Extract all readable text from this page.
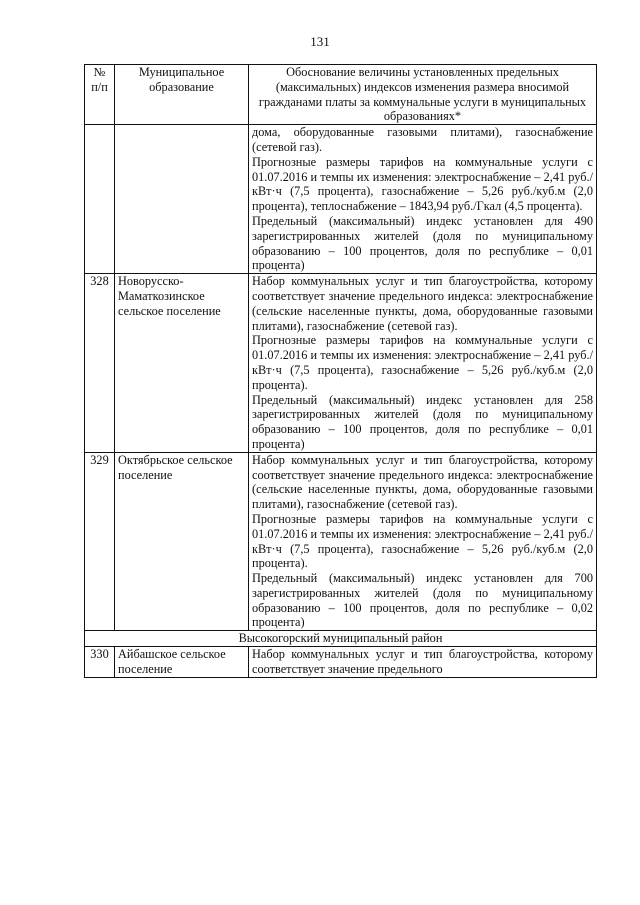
131
№ п/п	Муниципальное образование	Обоснование величины установленных предельных (максимальных) индексов изменения размера вносимой гражданами платы за коммунальные услуги в муниципальных образованиях*

		дома, оборудованные газовыми плитами), газоснабжение (сетевой газ).

Прогнозные размеры тарифов на коммунальные услуги с 01.07.2016 и темпы их изменения: электроснабжение – 2,41 руб./кВт·ч (7,5 процента), газоснабжение – 5,26 руб./куб.м (2,0 процента), теплоснабжение – 1843,94 руб./Гкал (4,5 процента).

Предельный (максимальный) индекс установлен для 490 зарегистрированных жителей (доля по муниципальному образованию – 100 процентов, доля по республике – 0,01 процента)

328	Новорусско-Маматкозинское сельское поселение	Набор коммунальных услуг и тип благоустройства, которому соответствует значение предельного индекса: электроснабжение (сельские населенные пункты, дома, оборудованные газовыми плитами), газоснабжение (сетевой газ).

Прогнозные размеры тарифов на коммунальные услуги с 01.07.2016 и темпы их изменения: электроснабжение – 2,41 руб./кВт·ч (7,5 процента), газоснабжение – 5,26 руб./куб.м (2,0 процента).

Предельный (максимальный) индекс установлен для 258 зарегистрированных жителей (доля по муниципальному образованию – 100 процентов, доля по республике – 0,01 процента)

329	Октябрьское сельское поселение	Набор коммунальных услуг и тип благоустройства, которому соответствует значение предельного индекса: электроснабжение (сельские населенные пункты, дома, оборудованные газовыми плитами), газоснабжение (сетевой газ).

Прогнозные размеры тарифов на коммунальные услуги с 01.07.2016 и темпы их изменения: электроснабжение – 2,41 руб./кВт·ч (7,5 процента), газоснабжение – 5,26 руб./куб.м (2,0 процента).

Предельный (максимальный) индекс установлен для 700 зарегистрированных жителей (доля по муниципальному образованию – 100 процентов, доля по республике – 0,02 процента)

Высокогорский муниципальный район		
330	Айбашское сельское поселение	Набор коммунальных услуг и тип благоустройства, которому соответствует значение предельного
